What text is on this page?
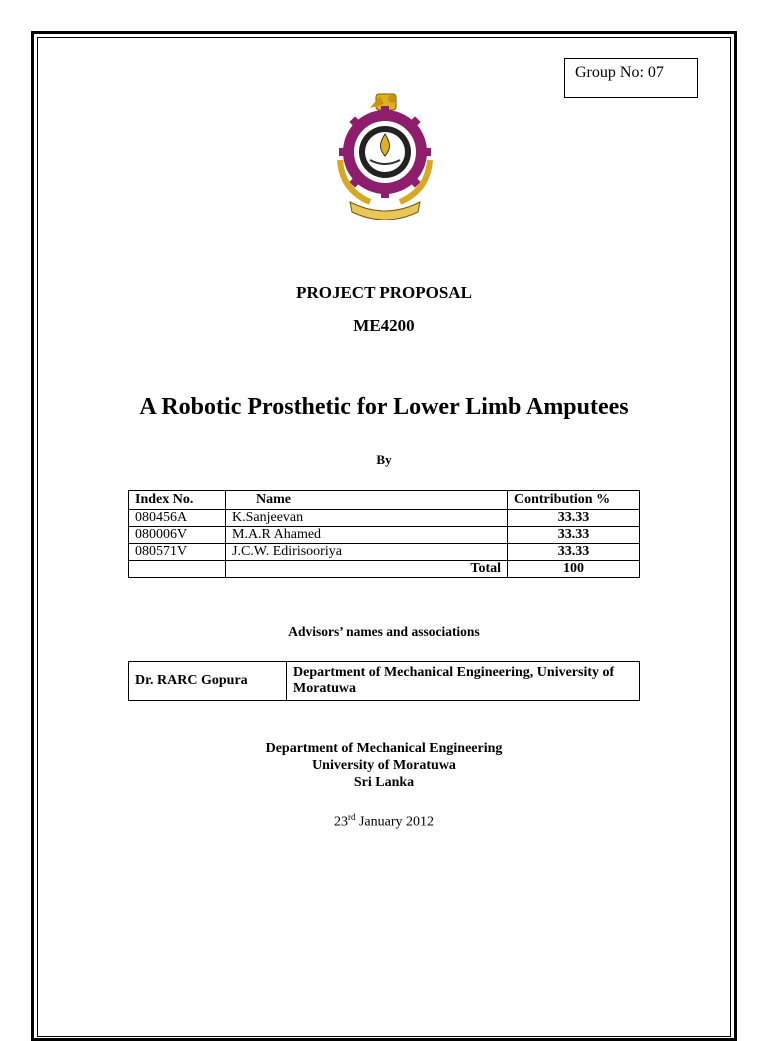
Group No: 07
PROJECT PROPOSAL
ME4200
A Robotic Prosthetic for Lower Limb Amputees
By
Index No.	Name	Contribution %
080456A	K.Sanjeevan	33.33
080006V	M.A.R Ahamed	33.33
080571V	J.C.W. Edirisooriya	33.33
	Total	100
Advisors’ names and associations
Dr. RARC Gopura	Department of Mechanical Engineering, University of Moratuwa
Department of Mechanical Engineering
University of Moratuwa
Sri Lanka
23rd January 2012
